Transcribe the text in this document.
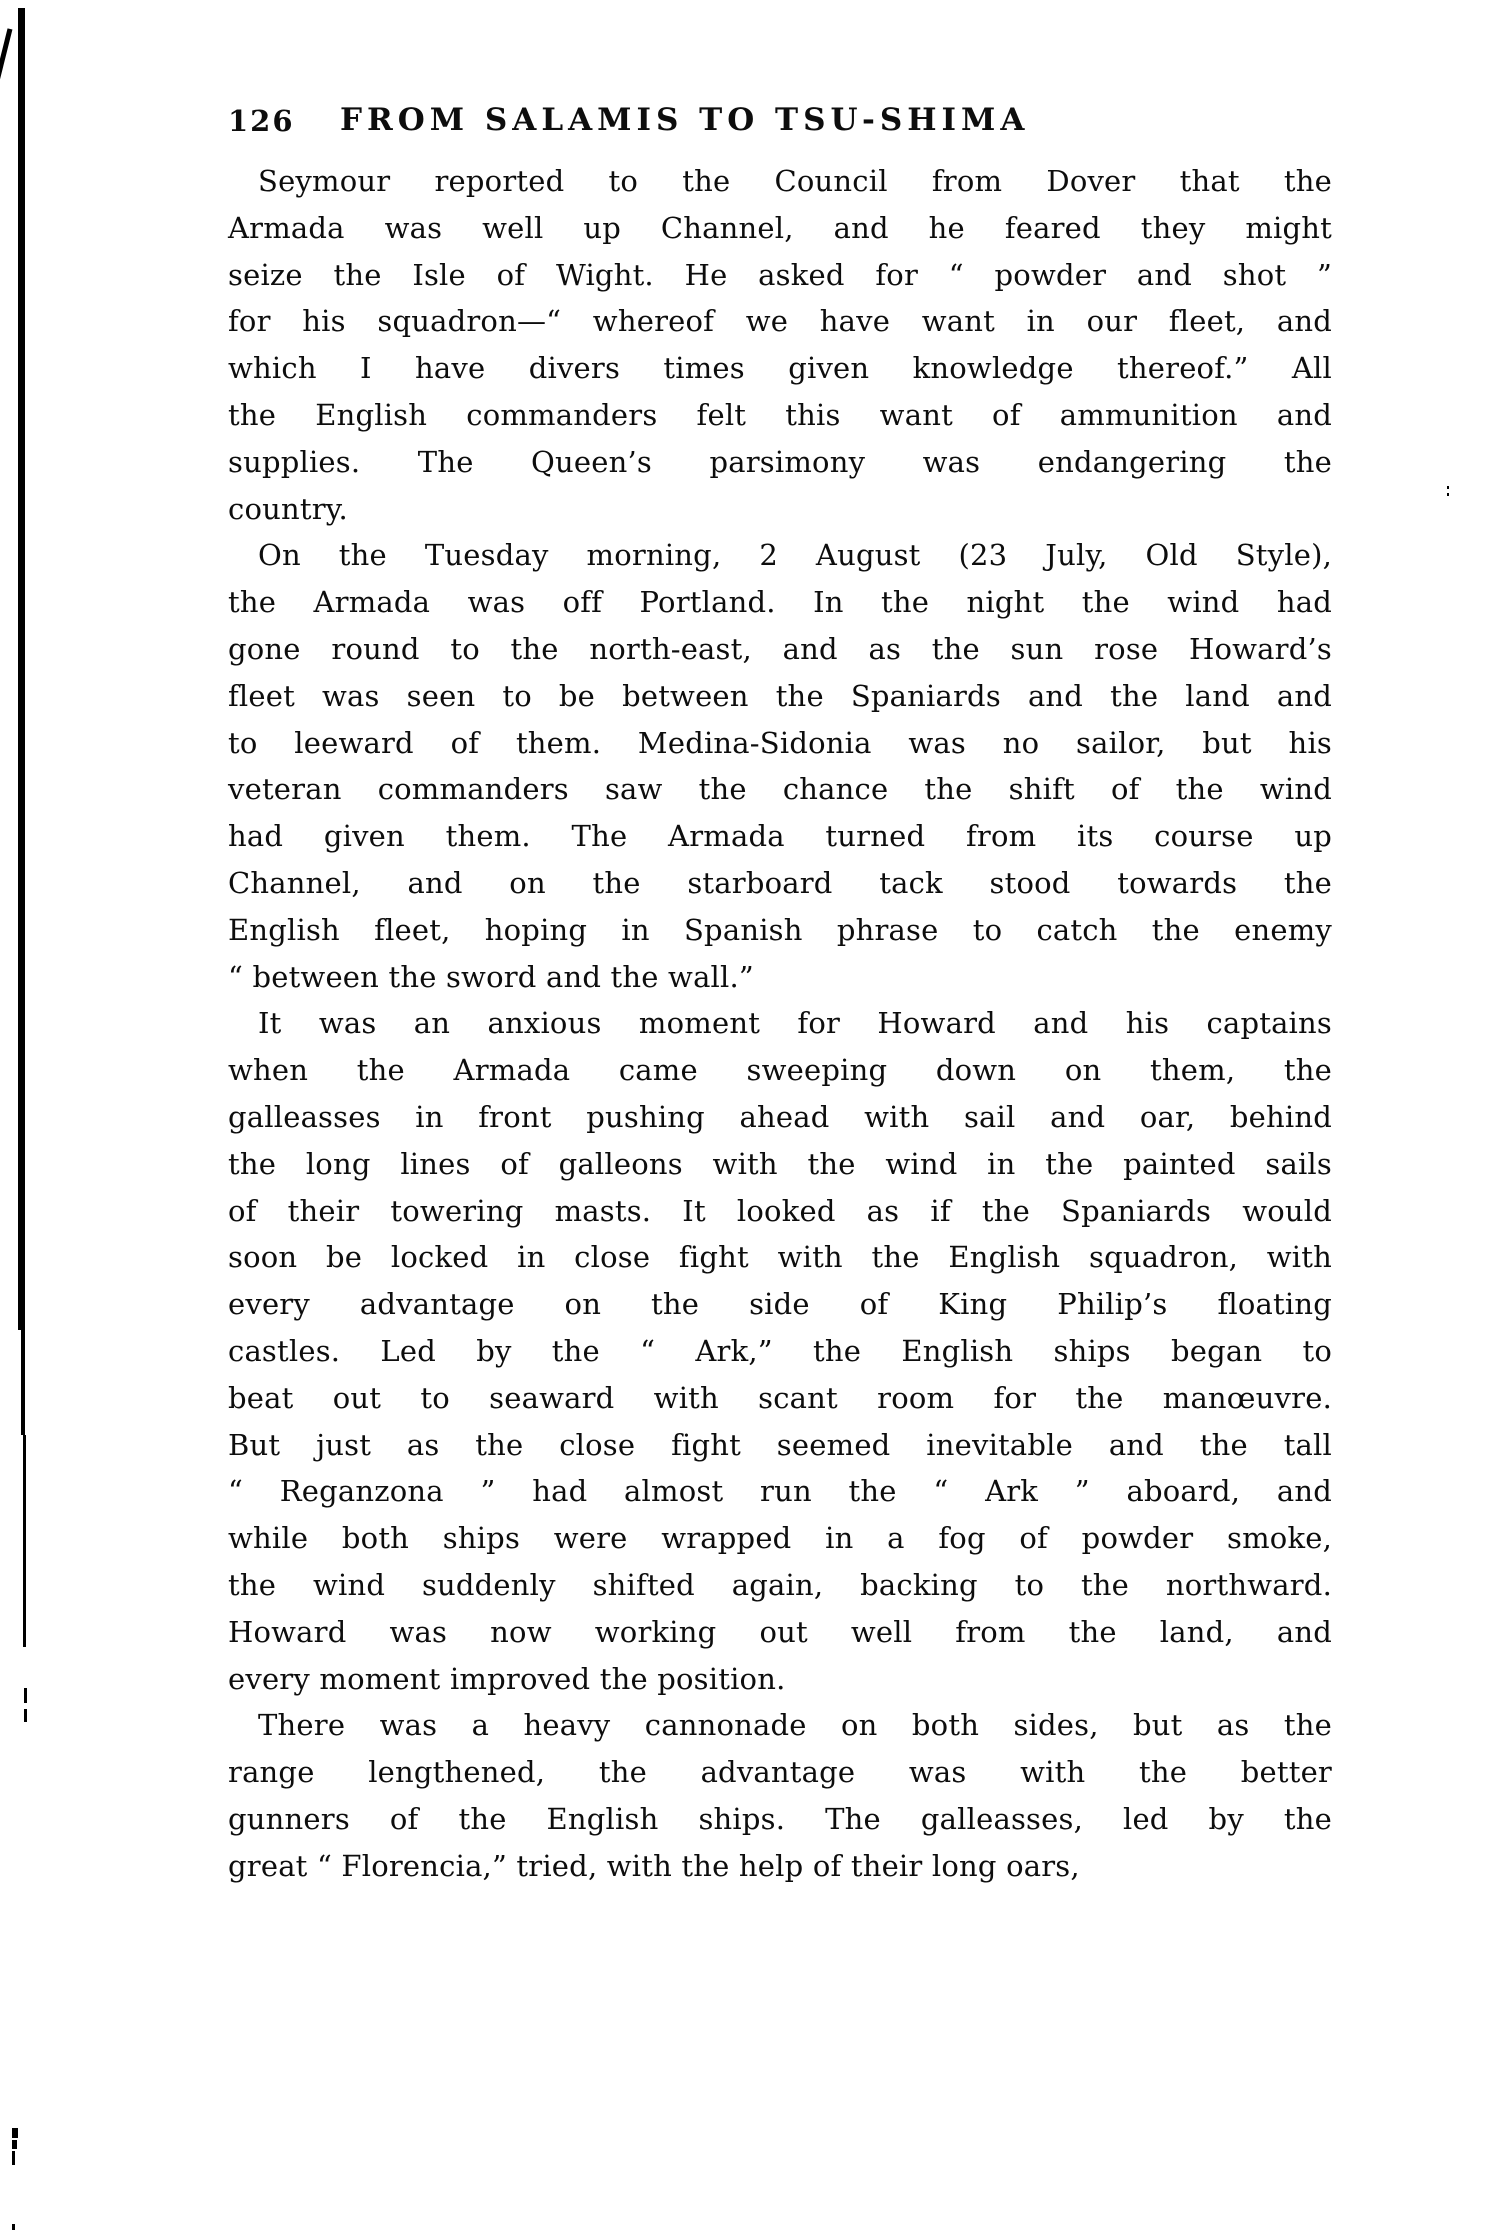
126 FROM SALAMIS TO TSU-SHIMA
Seymour reported to the Council from Dover that the
Armada was well up Channel, and he feared they might
seize the Isle of Wight. He asked for “ powder and shot ”
for his squadron—“ whereof we have want in our fleet, and
which I have divers times given knowledge thereof.” All
the English commanders felt this want of ammunition and
supplies. The Queen’s parsimony was endangering the
country.
On the Tuesday morning, 2 August (23 July, Old Style),
the Armada was off Portland. In the night the wind had
gone round to the north-east, and as the sun rose Howard’s
fleet was seen to be between the Spaniards and the land and
to leeward of them. Medina-Sidonia was no sailor, but his
veteran commanders saw the chance the shift of the wind
had given them. The Armada turned from its course up
Channel, and on the starboard tack stood towards the
English fleet, hoping in Spanish phrase to catch the enemy
“ between the sword and the wall.”
It was an anxious moment for Howard and his captains
when the Armada came sweeping down on them, the
galleasses in front pushing ahead with sail and oar, behind
the long lines of galleons with the wind in the painted sails
of their towering masts. It looked as if the Spaniards would
soon be locked in close fight with the English squadron, with
every advantage on the side of King Philip’s floating
castles. Led by the “ Ark,” the English ships began to
beat out to seaward with scant room for the manœuvre.
But just as the close fight seemed inevitable and the tall
“ Reganzona ” had almost run the “ Ark ” aboard, and
while both ships were wrapped in a fog of powder smoke,
the wind suddenly shifted again, backing to the northward.
Howard was now working out well from the land, and
every moment improved the position.
There was a heavy cannonade on both sides, but as the
range lengthened, the advantage was with the better
gunners of the English ships. The galleasses, led by the
great “ Florencia,” tried, with the help of their long oars,
